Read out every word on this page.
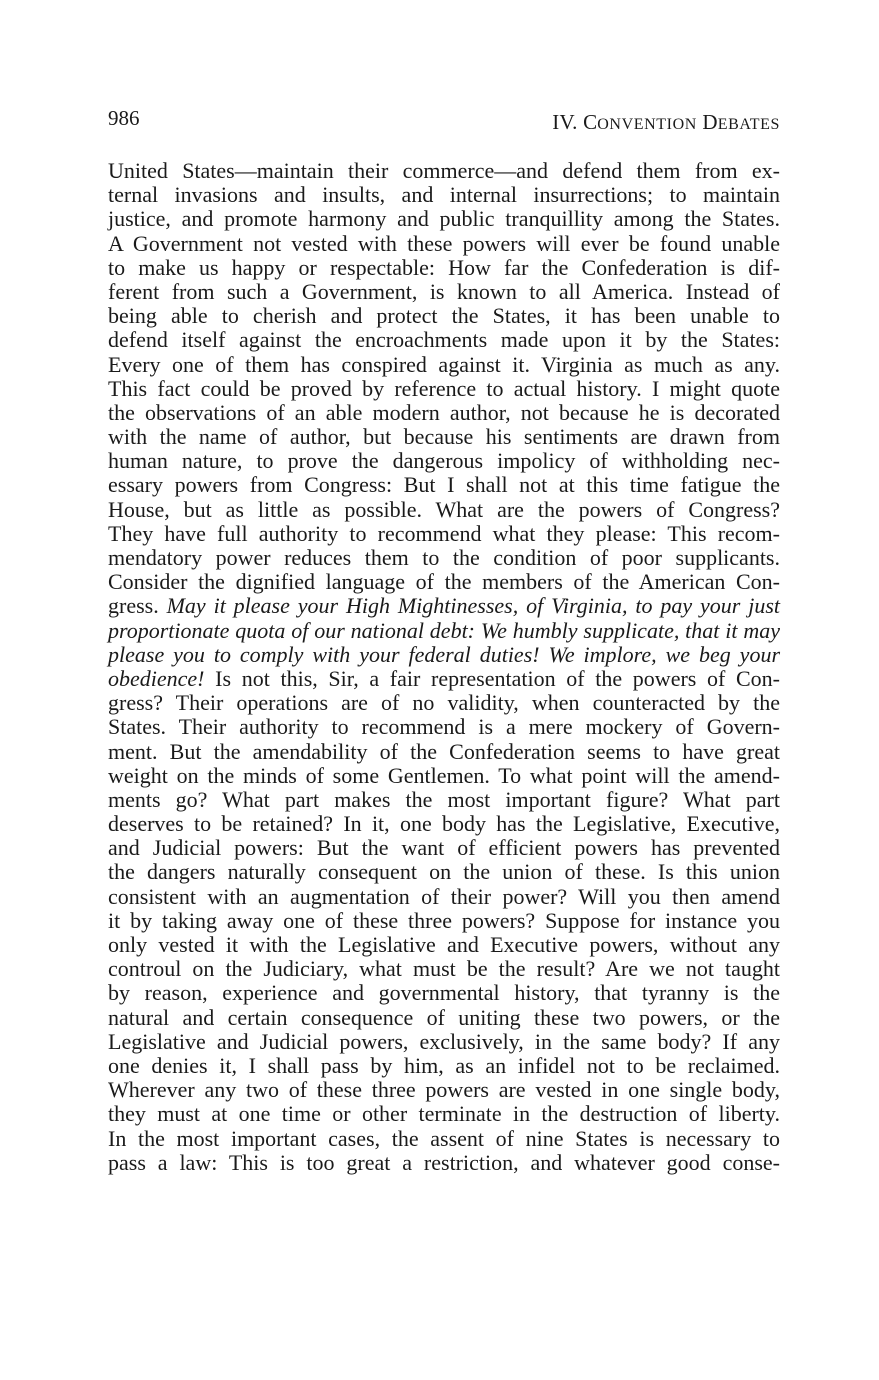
986	IV. CONVENTION DEBATES
United States—maintain their commerce—and defend them from ex-
ternal invasions and insults, and internal insurrections; to maintain
justice, and promote harmony and public tranquillity among the States.
A Government not vested with these powers will ever be found unable
to make us happy or respectable: How far the Confederation is dif-
ferent from such a Government, is known to all America. Instead of
being able to cherish and protect the States, it has been unable to
defend itself against the encroachments made upon it by the States:
Every one of them has conspired against it. Virginia as much as any.
This fact could be proved by reference to actual history. I might quote
the observations of an able modern author, not because he is decorated
with the name of author, but because his sentiments are drawn from
human nature, to prove the dangerous impolicy of withholding nec-
essary powers from Congress: But I shall not at this time fatigue the
House, but as little as possible. What are the powers of Congress?
They have full authority to recommend what they please: This recom-
mendatory power reduces them to the condition of poor supplicants.
Consider the dignified language of the members of the American Con-
gress. May it please your High Mightinesses, of Virginia, to pay your just
proportionate quota of our national debt: We humbly supplicate, that it may
please you to comply with your federal duties! We implore, we beg your
obedience! Is not this, Sir, a fair representation of the powers of Con-
gress? Their operations are of no validity, when counteracted by the
States. Their authority to recommend is a mere mockery of Govern-
ment. But the amendability of the Confederation seems to have great
weight on the minds of some Gentlemen. To what point will the amend-
ments go? What part makes the most important figure? What part
deserves to be retained? In it, one body has the Legislative, Executive,
and Judicial powers: But the want of efficient powers has prevented
the dangers naturally consequent on the union of these. Is this union
consistent with an augmentation of their power? Will you then amend
it by taking away one of these three powers? Suppose for instance you
only vested it with the Legislative and Executive powers, without any
controul on the Judiciary, what must be the result? Are we not taught
by reason, experience and governmental history, that tyranny is the
natural and certain consequence of uniting these two powers, or the
Legislative and Judicial powers, exclusively, in the same body? If any
one denies it, I shall pass by him, as an infidel not to be reclaimed.
Wherever any two of these three powers are vested in one single body,
they must at one time or other terminate in the destruction of liberty.
In the most important cases, the assent of nine States is necessary to
pass a law: This is too great a restriction, and whatever good conse-
